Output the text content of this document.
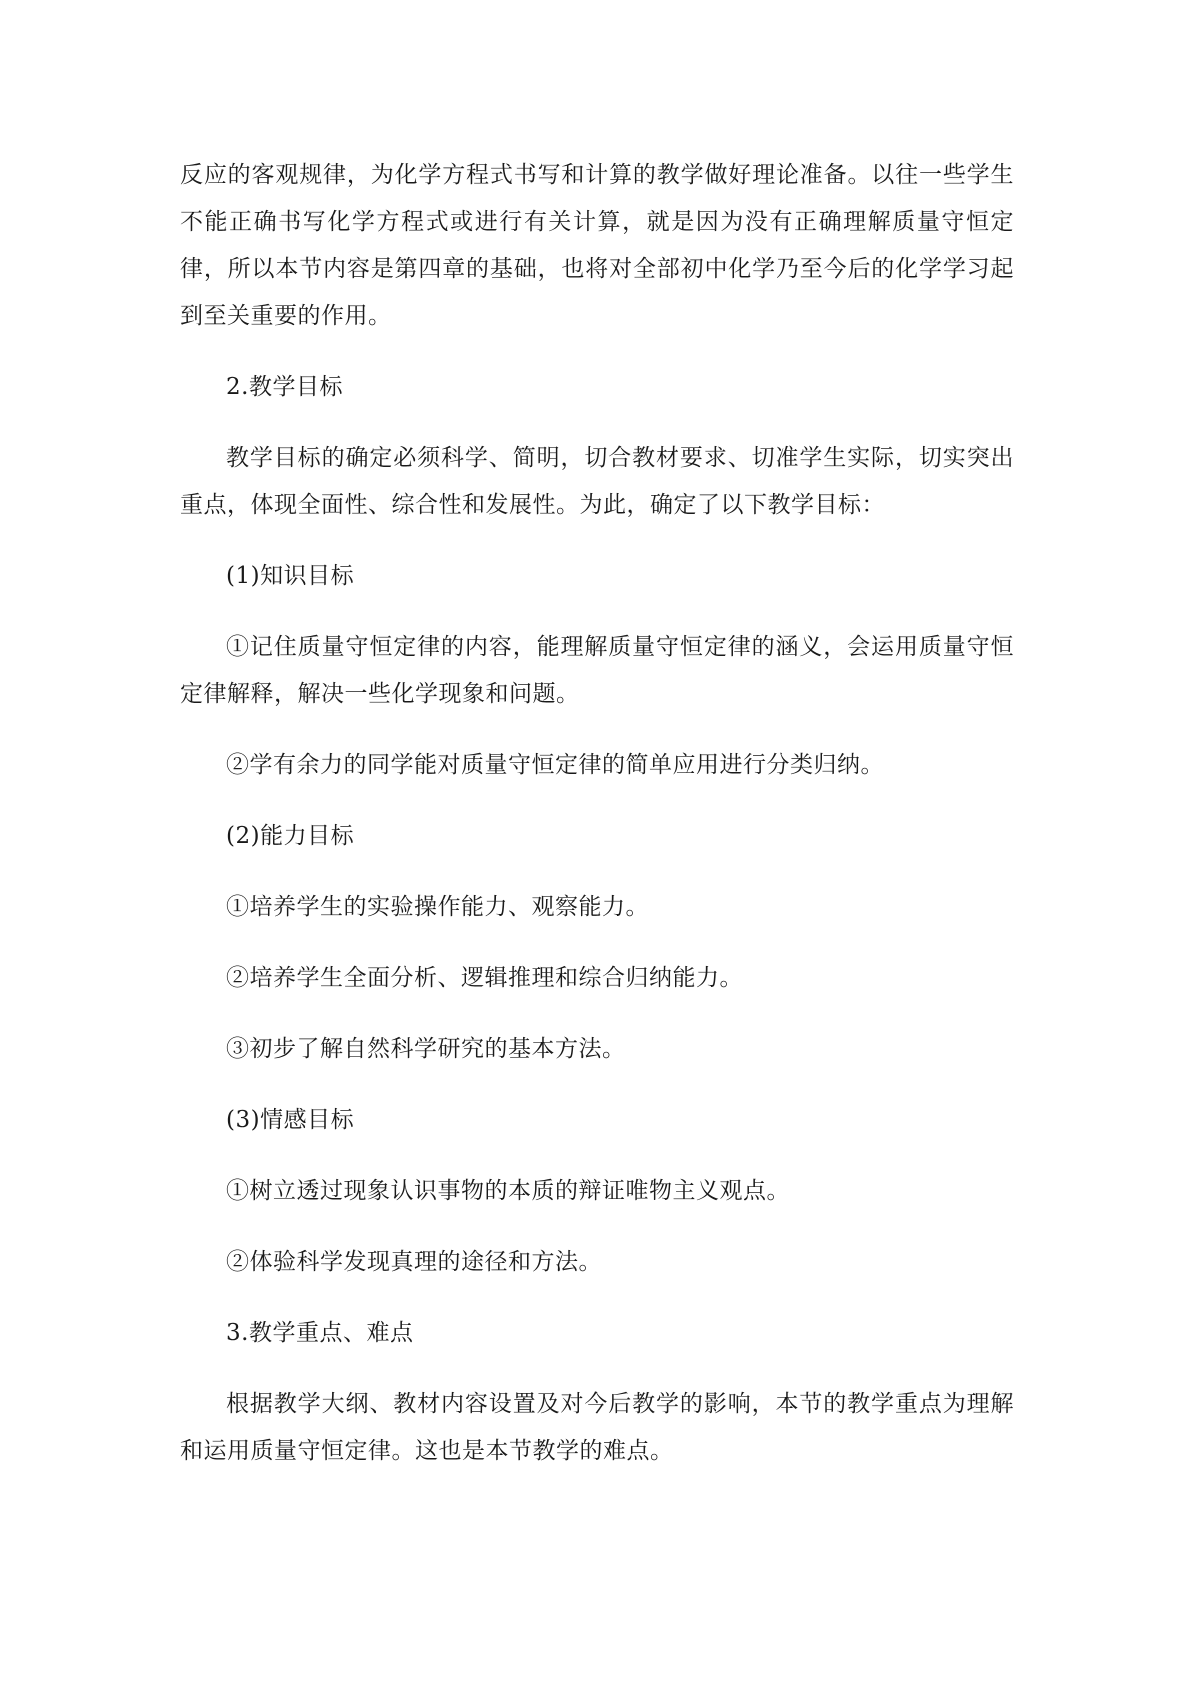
反应的客观规律，为化学方程式书写和计算的教学做好理论准备。以往一些学生不能正确书写化学方程式或进行有关计算，就是因为没有正确理解质量守恒定律，所以本节内容是第四章的基础，也将对全部初中化学乃至今后的化学学习起到至关重要的作用。

2.教学目标

教学目标的确定必须科学、简明，切合教材要求、切准学生实际，切实突出重点，体现全面性、综合性和发展性。为此，确定了以下教学目标：

(1)知识目标

①记住质量守恒定律的内容，能理解质量守恒定律的涵义，会运用质量守恒定律解释，解决一些化学现象和问题。

②学有余力的同学能对质量守恒定律的简单应用进行分类归纳。

(2)能力目标

①培养学生的实验操作能力、观察能力。

②培养学生全面分析、逻辑推理和综合归纳能力。

③初步了解自然科学研究的基本方法。

(3)情感目标

①树立透过现象认识事物的本质的辩证唯物主义观点。

②体验科学发现真理的途径和方法。

3.教学重点、难点

根据教学大纲、教材内容设置及对今后教学的影响，本节的教学重点为理解和运用质量守恒定律。这也是本节教学的难点。
